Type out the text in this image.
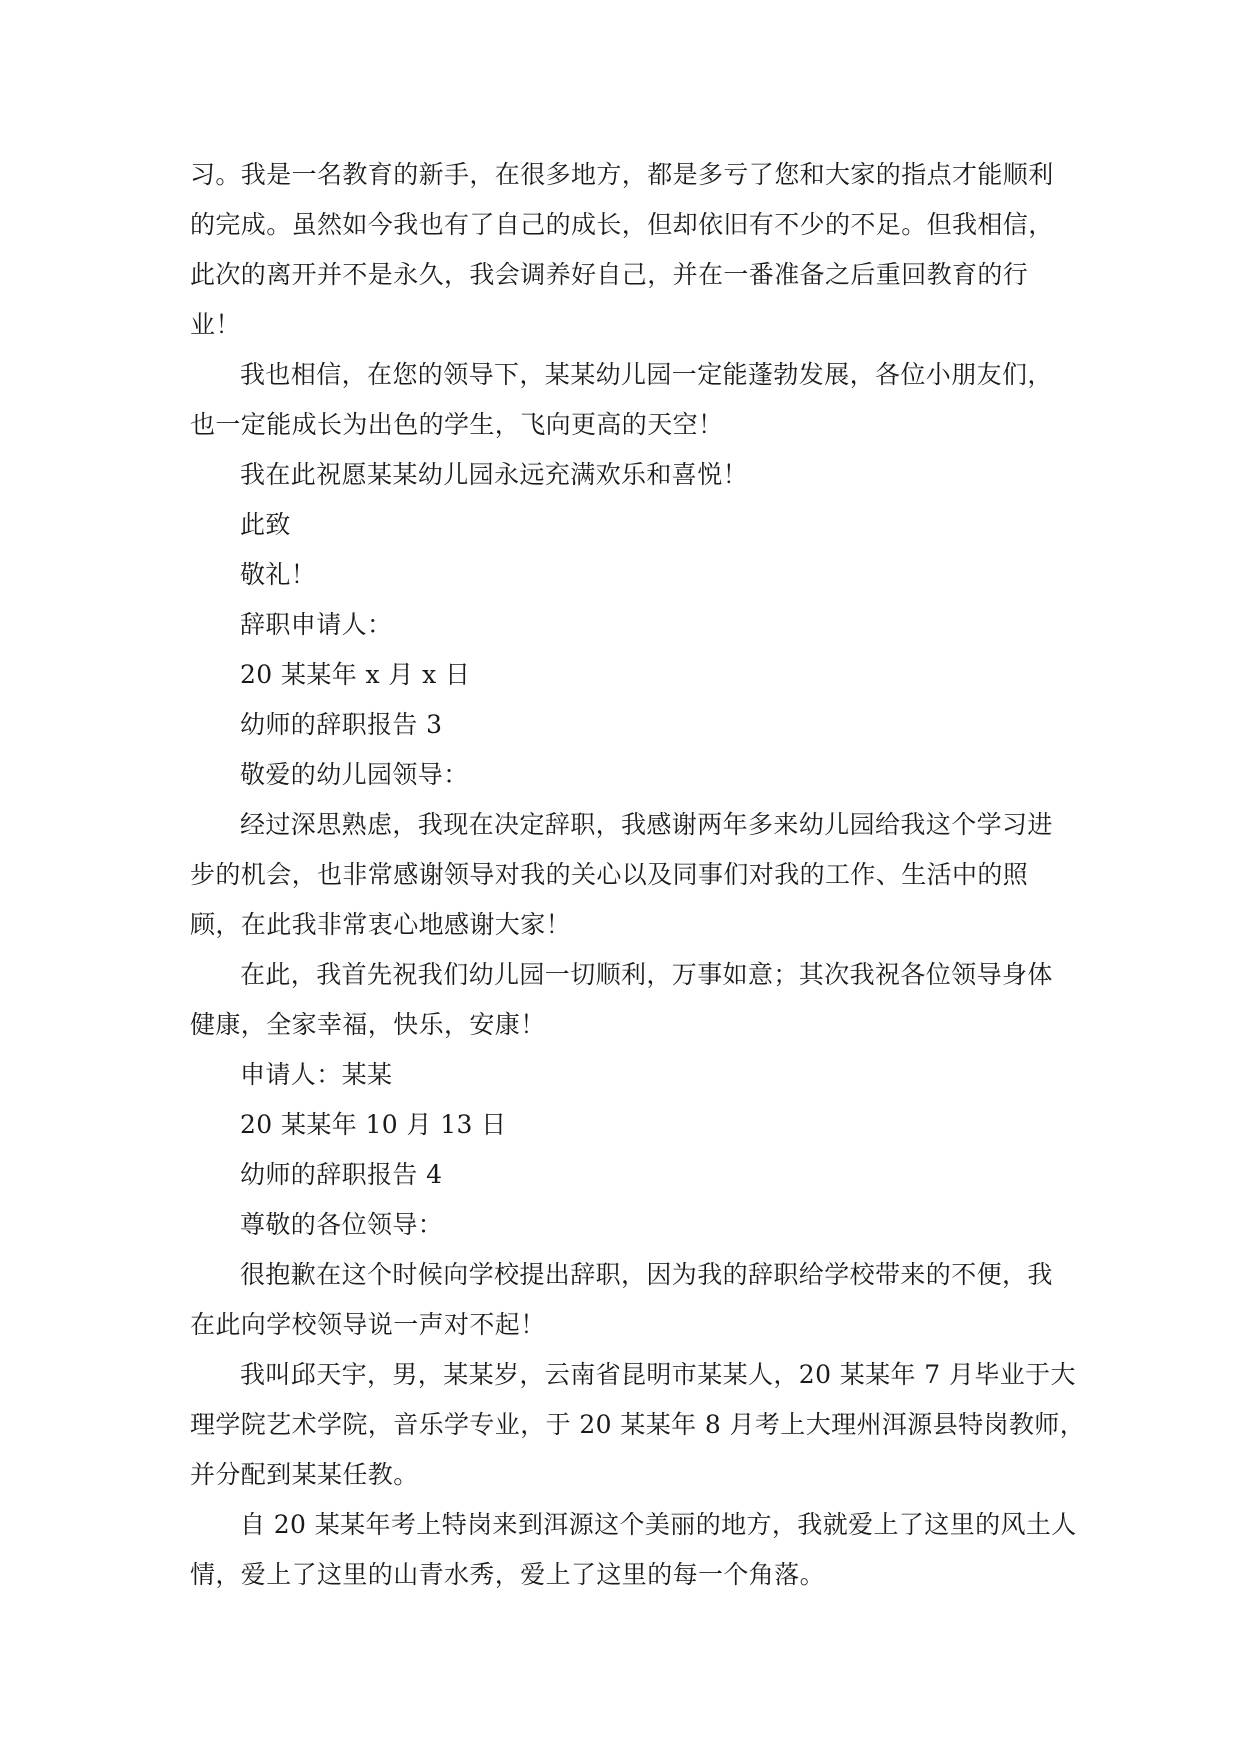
习。我是一名教育的新手，在很多地方，都是多亏了您和大家的指点才能顺利

的完成。虽然如今我也有了自己的成长，但却依旧有不少的不足。但我相信，

此次的离开并不是永久，我会调养好自己，并在一番准备之后重回教育的行

业！

我也相信，在您的领导下，某某幼儿园一定能蓬勃发展，各位小朋友们，

也一定能成长为出色的学生，飞向更高的天空！

我在此祝愿某某幼儿园永远充满欢乐和喜悦！

此致

敬礼！

辞职申请人：

20 某某年 x 月 x 日

幼师的辞职报告 3

敬爱的幼儿园领导：

经过深思熟虑，我现在决定辞职，我感谢两年多来幼儿园给我这个学习进

步的机会，也非常感谢领导对我的关心以及同事们对我的工作、生活中的照

顾，在此我非常衷心地感谢大家！

在此，我首先祝我们幼儿园一切顺利，万事如意；其次我祝各位领导身体

健康，全家幸福，快乐，安康！

申请人：某某

20 某某年 10 月 13 日

幼师的辞职报告 4

尊敬的各位领导：

很抱歉在这个时候向学校提出辞职，因为我的辞职给学校带来的不便，我

在此向学校领导说一声对不起！

我叫邱天宇，男，某某岁，云南省昆明市某某人，20 某某年 7 月毕业于大

理学院艺术学院，音乐学专业，于 20 某某年 8 月考上大理州洱源县特岗教师，

并分配到某某任教。

自 20 某某年考上特岗来到洱源这个美丽的地方，我就爱上了这里的风土人

情，爱上了这里的山青水秀，爱上了这里的每一个角落。
